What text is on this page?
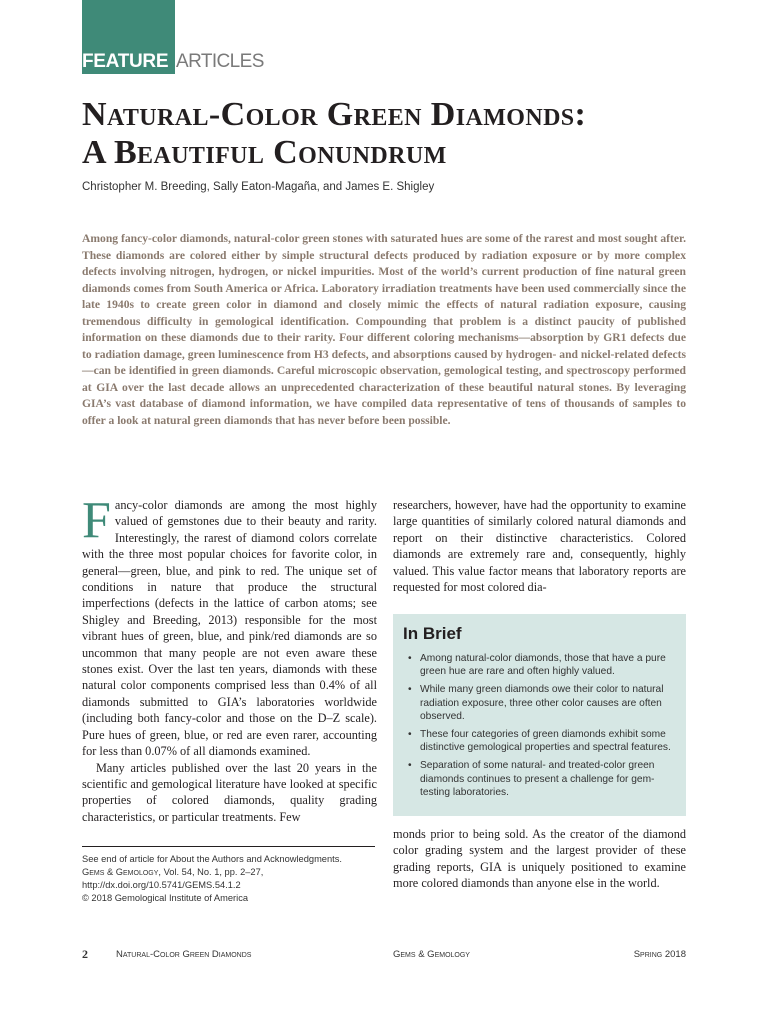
FEATURE ARTICLES
Natural-Color Green Diamonds:
A Beautiful Conundrum
Christopher M. Breeding, Sally Eaton-Magaña, and James E. Shigley
Among fancy-color diamonds, natural-color green stones with saturated hues are some of the rarest and most sought after. These diamonds are colored either by simple structural defects produced by radiation exposure or by more complex defects involving nitrogen, hydrogen, or nickel impurities. Most of the world’s current production of fine natural green diamonds comes from South America or Africa. Laboratory irradiation treatments have been used commercially since the late 1940s to create green color in diamond and closely mimic the effects of natural radiation exposure, causing tremendous difficulty in gemological identification. Compounding that problem is a distinct paucity of published information on these diamonds due to their rarity. Four different coloring mechanisms—absorption by GR1 defects due to radiation damage, green luminescence from H3 defects, and absorptions caused by hydrogen- and nickel-related defects—can be identified in green diamonds. Careful microscopic observation, gemological testing, and spectroscopy performed at GIA over the last decade allows an unprecedented characterization of these beautiful natural stones. By leveraging GIA’s vast database of diamond information, we have compiled data representative of tens of thousands of samples to offer a look at natural green diamonds that has never before been possible.

Fancy-color diamonds are among the most highly valued of gemstones due to their beauty and rarity. Interestingly, the rarest of diamond colors correlate with the three most popular choices for favorite color, in general—green, blue, and pink to red. The unique set of conditions in nature that produce the structural imperfections (defects in the lattice of carbon atoms; see Shigley and Breeding, 2013) responsible for the most vibrant hues of green, blue, and pink/red diamonds are so uncommon that many people are not even aware these stones exist. Over the last ten years, diamonds with these natural color components comprised less than 0.4% of all diamonds submitted to GIA’s laboratories worldwide (including both fancy-color and those on the D–Z scale). Pure hues of green, blue, or red are even rarer, accounting for less than 0.07% of all diamonds examined.

Many articles published over the last 20 years in the scientific and gemological literature have looked at specific properties of colored diamonds, quality grading characteristics, or particular treatments. Few

researchers, however, have had the opportunity to examine large quantities of similarly colored natural diamonds and report on their distinctive characteristics. Colored diamonds are extremely rare and, consequently, highly valued. This value factor means that laboratory reports are requested for most colored dia-

In Brief
• Among natural-color diamonds, those that have a pure green hue are rare and often highly valued.
• While many green diamonds owe their color to natural radiation exposure, three other color causes are often observed.
• These four categories of green diamonds exhibit some distinctive gemological properties and spectral features.
• Separation of some natural- and treated-color green diamonds continues to present a challenge for gem-testing laboratories.

monds prior to being sold. As the creator of the diamond color grading system and the largest provider of these grading reports, GIA is uniquely positioned to examine more colored diamonds than anyone else in the world.

See end of article for About the Authors and Acknowledgments.
Gems & Gemology, Vol. 54, No. 1, pp. 2–27,
http://dx.doi.org/10.5741/GEMS.54.1.2
© 2018 Gemological Institute of America
2	Natural-Color Green Diamonds	Gems & Gemology	Spring 2018
